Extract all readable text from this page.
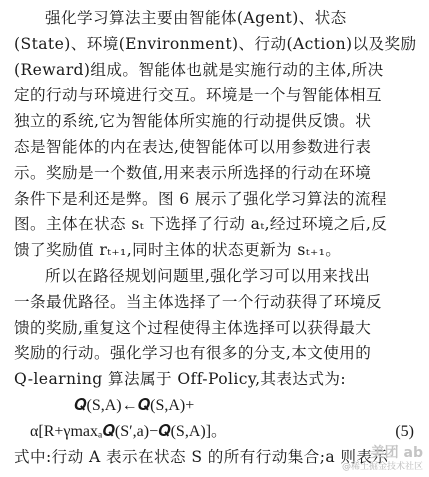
强化学习算法主要由智能体(Agent)、状态
(State)、环境(Environment)、行动(Action)以及奖励
(Reward)组成。智能体也就是实施行动的主体,所决
定的行动与环境进行交互。环境是一个与智能体相互
独立的系统,它为智能体所实施的行动提供反馈。状
态是智能体的内在表达,使智能体可以用参数进行表
示。奖励是一个数值,用来表示所选择的行动在环境
条件下是利还是弊。图 6 展示了强化学习算法的流程
图。主体在状态 sₜ 下选择了行动 aₜ,经过环境之后,反
馈了奖励值 rₜ₊₁,同时主体的状态更新为 sₜ₊₁。
所以在路径规划问题里,强化学习可以用来找出
一条最优路径。当主体选择了一个行动获得了环境反
馈的奖励,重复这个过程使得主体选择可以获得最大
奖励的行动。强化学习也有很多的分支,本文使用的
Q-learning 算法属于 Off-Policy,其表达式为:
𝑸(S,A)←𝑸(S,A)+
α[R+γmaxₐ𝑸(S′,a)−𝑸(S,A)]。	(5)
式中:行动 A 表示在状态 S 的所有行动集合;a 则表示
美团 ab
@稀土掘金技术社区
